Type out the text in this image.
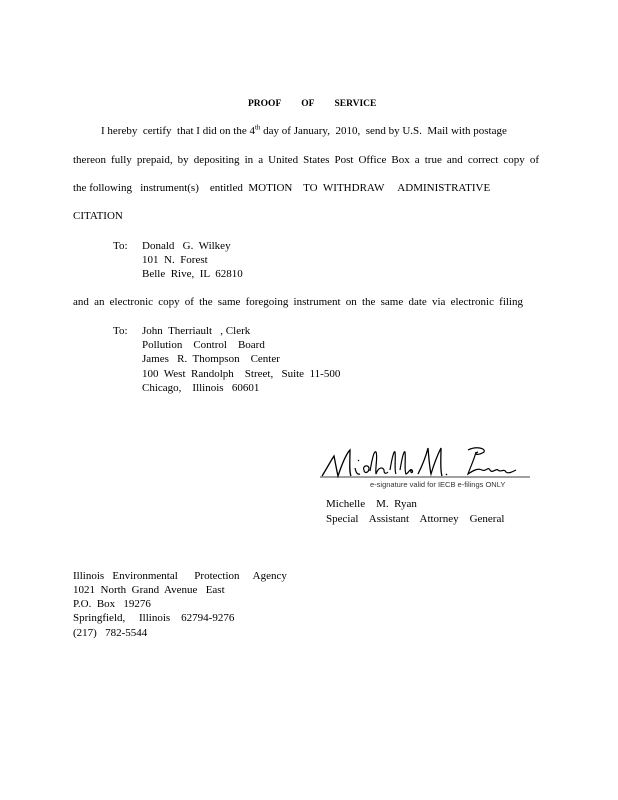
PROOF OF SERVICE
I hereby  certify  that I did on the 4th day of January,  2010,  send by U.S.  Mail with postage
thereon fully prepaid, by depositing in a United States Post Office Box a true and correct copy of
the following   instrument(s)    entitled  MOTION    TO  WITHDRAW     ADMINISTRATIVE
CITATION
To: Donald   G.  Wilkey
101  N.  Forest
Belle  Rive,  IL  62810
and an electronic copy of the same foregoing instrument on the same date via electronic filing
To: John  Therriault   , Clerk
Pollution    Control    Board
James   R.  Thompson    Center
100  West  Randolph    Street,   Suite  11-500
Chicago,    Illinois   60601
e-signature valid for IECB e-filings ONLY
Michelle    M.  Ryan
Special    Assistant    Attorney    General
Illinois   Environmental      Protection     Agency
1021  North  Grand  Avenue   East
P.O.  Box   19276
Springfield,     Illinois    62794-9276
(217)   782-5544
